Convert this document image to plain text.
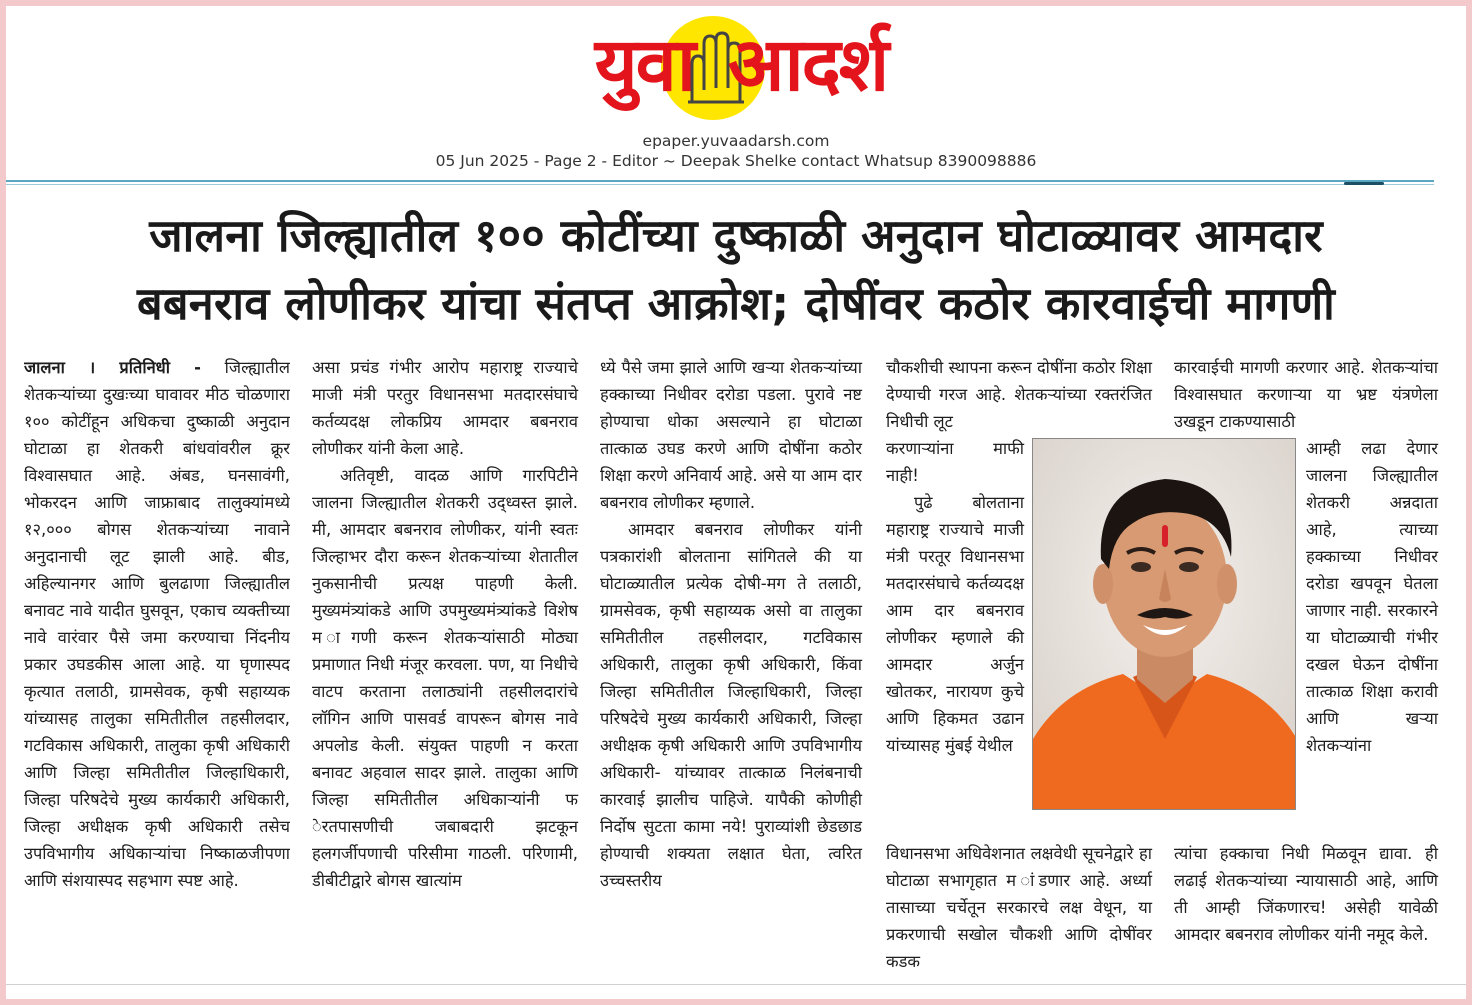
युवा आदर्श
epaper.yuvaadarsh.com
05 Jun 2025 - Page 2 - Editor ~ Deepak Shelke contact Whatsup 8390098886
जालना जिल्ह्यातील १०० कोटींच्या दुष्काळी अनुदान घोटाळ्यावर आमदार
बबनराव लोणीकर यांचा संतप्त आक्रोश; दोषींवर कठोर कारवाईची मागणी

जालना । प्रतिनिधी - जिल्ह्यातील शेतकऱ्यांच्या दुखःच्या घावावर मीठ चोळणारा १०० कोटींहून अधिकचा दुष्काळी अनुदान घोटाळा हा शेतकरी बांधवांवरील क्रूर विश्वासघात आहे. अंबड, घनसावंगी, भोकरदन आणि जाफ्राबाद तालुक्यांमध्ये १२,००० बोगस शेतकऱ्यांच्या नावाने अनुदानाची लूट झाली आहे. बीड, अहिल्यानगर आणि बुलढाणा जिल्ह्यातील बनावट नावे यादीत घुसवून, एकाच व्यक्तीच्या नावे वारंवार पैसे जमा करण्याचा निंदनीय प्रकार उघडकीस आला आहे. या घृणास्पद कृत्यात तलाठी, ग्रामसेवक, कृषी सहाय्यक यांच्यासह तालुका समितीतील तहसीलदार, गटविकास अधिकारी, तालुका कृषी अधिकारी आणि जिल्हा समितीतील जिल्हाधिकारी, जिल्हा परिषदेचे मुख्य कार्यकारी अधिकारी, जिल्हा अधीक्षक कृषी अधिकारी तसेच उपविभागीय अधिकाऱ्यांचा निष्काळजीपणा आणि संशयास्पद सहभाग स्पष्ट आहे.

असा प्रचंड गंभीर आरोप महाराष्ट्र राज्याचे माजी मंत्री परतुर विधानसभा मतदारसंघाचे कर्तव्यदक्ष लोकप्रिय आमदार बबनराव लोणीकर यांनी केला आहे.

अतिवृष्टी, वादळ आणि गारपिटीने जालना जिल्ह्यातील शेतकरी उद्ध्वस्त झाले. मी, आमदार बबनराव लोणीकर, यांनी स्वतः जिल्हाभर दौरा करून शेतकऱ्यांच्या शेतातील नुकसानीची प्रत्यक्ष पाहणी केली. मुख्यमंत्र्यांकडे आणि उपमुख्यमंत्र्यांकडे विशेष म ागणी करून शेतकऱ्यांसाठी मोठ्या प्रमाणात निधी मंजूर करवला. पण, या निधीचे वाटप करताना तलाठ्यांनी तहसीलदारांचे लॉगिन आणि पासवर्ड वापरून बोगस नावे अपलोड केली. संयुक्त पाहणी न करता बनावट अहवाल सादर झाले. तालुका आणि जिल्हा समितीतील अधिकाऱ्यांनी फ ेरतपासणीची जबाबदारी झटकून हलगर्जीपणाची परिसीमा गाठली. परिणामी, डीबीटीद्वारे बोगस खात्यांम

ध्ये पैसे जमा झाले आणि खऱ्या शेतकऱ्यांच्या हक्काच्या निधीवर दरोडा पडला. पुरावे नष्ट होण्याचा धोका असल्याने हा घोटाळा तात्काळ उघड करणे आणि दोषींना कठोर शिक्षा करणे अनिवार्य आहे. असे या आम दार बबनराव लोणीकर म्हणाले.

आमदार बबनराव लोणीकर यांनी पत्रकारांशी बोलताना सांगितले की या घोटाळ्यातील प्रत्येक दोषी-मग ते तलाठी, ग्रामसेवक, कृषी सहाय्यक असो वा तालुका समितीतील तहसीलदार, गटविकास अधिकारी, तालुका कृषी अधिकारी, किंवा जिल्हा समितीतील जिल्हाधिकारी, जिल्हा परिषदेचे मुख्य कार्यकारी अधिकारी, जिल्हा अधीक्षक कृषी अधिकारी आणि उपविभागीय अधिकारी- यांच्यावर तात्काळ निलंबनाची कारवाई झालीच पाहिजे. यापैकी कोणीही निर्दोष सुटता कामा नये! पुराव्यांशी छेडछाड होण्याची शक्यता लक्षात घेता, त्वरित उच्चस्तरीय

चौकशीची स्थापना करून दोषींना कठोर शिक्षा देण्याची गरज आहे. शेतकऱ्यांच्या रक्तरंजित निधीची लूट

करणाऱ्यांना माफी नाही!

पुढे बोलताना महाराष्ट्र राज्याचे माजी मंत्री परतूर विधानसभा मतदारसंघाचे कर्तव्यदक्ष आम दार बबनराव लोणीकर म्हणाले की आमदार अर्जुन खोतकर, नारायण कुचे आणि हिकमत उढान यांच्यासह मुंबई येथील

विधानसभा अधिवेशनात लक्षवेधी सूचनेद्वारे हा घोटाळा सभागृहात म ांडणार आहे. अर्ध्या तासाच्या चर्चेतून सरकारचे लक्ष वेधून, या प्रकरणाची सखोल चौकशी आणि दोषींवर कडक

कारवाईची मागणी करणार आहे. शेतकऱ्यांचा विश्वासघात करणाऱ्या या भ्रष्ट यंत्रणेला उखडून टाकण्यासाठी

आम्ही लढा देणार जालना जिल्ह्यातील शेतकरी अन्नदाता आहे, त्याच्या हक्काच्या निधीवर दरोडा खपवून घेतला जाणार नाही. सरकारने या घोटाळ्याची गंभीर दखल घेऊन दोषींना तात्काळ शिक्षा करावी आणि खऱ्या शेतकऱ्यांना

त्यांचा हक्काचा निधी मिळवून द्यावा. ही लढाई शेतकऱ्यांच्या न्यायासाठी आहे, आणि ती आम्ही जिंकणारच! असेही यावेळी आमदार बबनराव लोणीकर यांनी नमूद केले.
